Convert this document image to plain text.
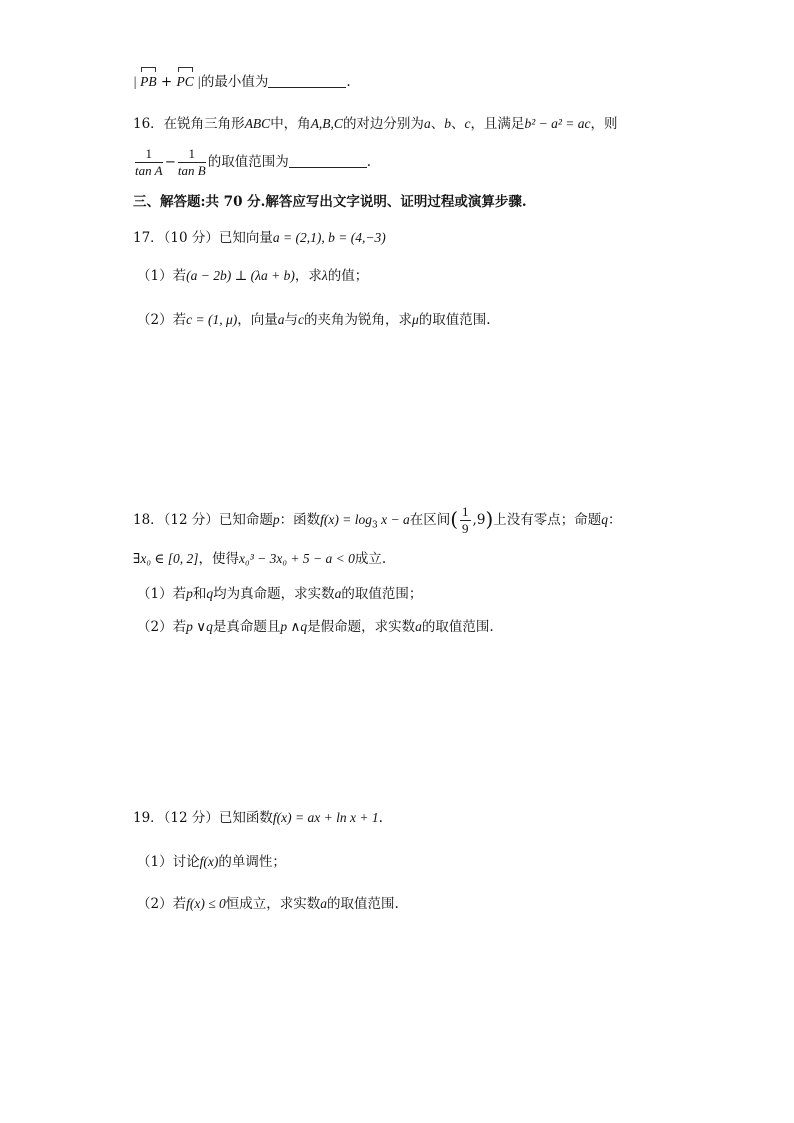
| PB + PC |的最小值为	.
16．在锐角三角形ABC中，角A,B,C的对边分别为a、b、c，且满足b² − a² = ac，则
$\frac{1}{\text{tan A}} - \frac{1}{\text{tan B}}$ 的取值范围为	.
三、解答题:共 70 分.解答应写出文字说明、证明过程或演算步骤.
17．（10 分）已知向量a = (2,1), b = (4,−3)
（1）若(a − 2b) ⊥ (λa + b)，求λ的值；
（2）若c = (1, μ)，向量a与c的夹角为锐角，求μ的取值范围.
18．（12 分）已知命题p：函数$f(x) = \log_3 x - a$在区间( $\frac{1}{9} ,9$)上没有零点；命题q：
∃x₀ ∈ [0, 2]，使得x₀³ − 3x₀ + 5 − a < 0成立.
（1）若p和q均为真命题，求实数a的取值范围；
（2）若p ∨q是真命题且p ∧q是假命题，求实数a的取值范围.
19．（12 分）已知函数f(x) = ax + ln x + 1.
（1）讨论f(x)的单调性；
（2）若f(x) ≤ 0恒成立，求实数a的取值范围.
